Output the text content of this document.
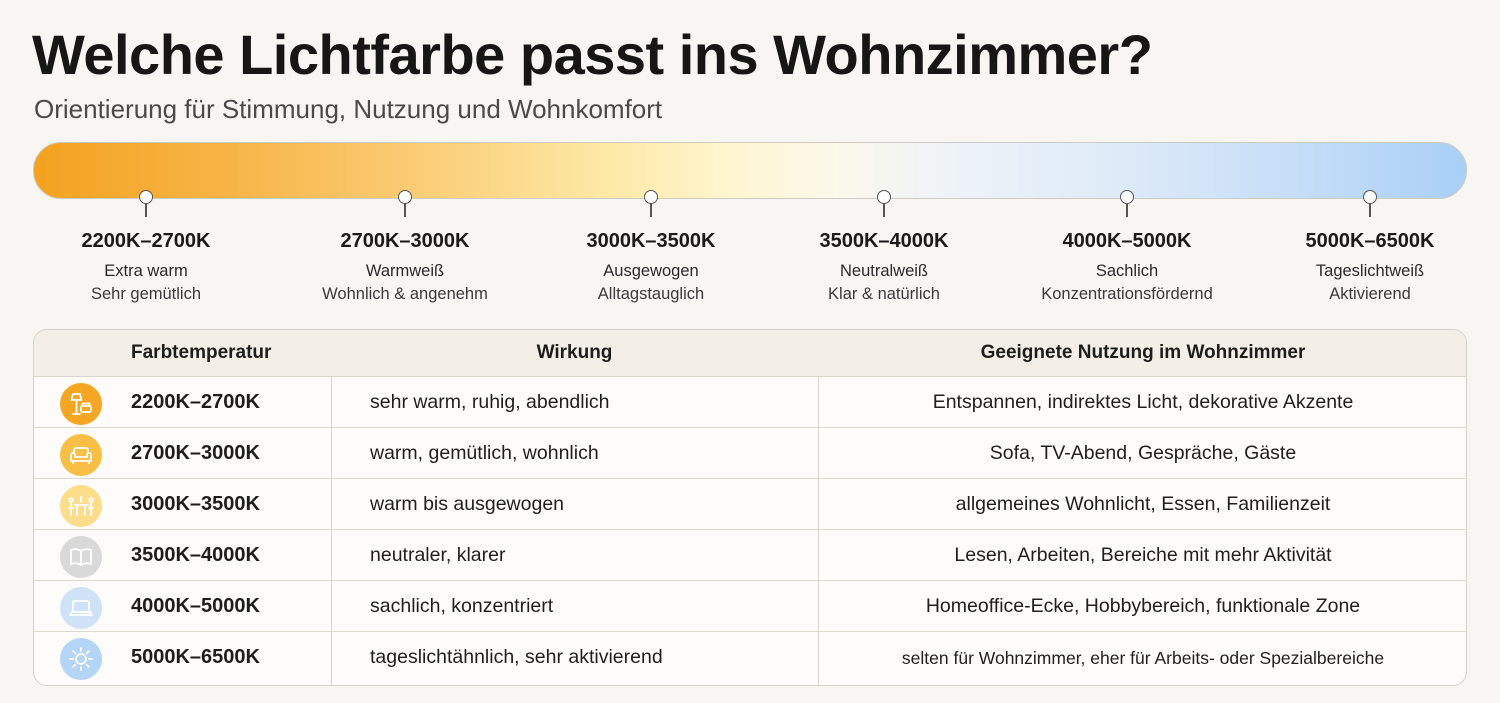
Welche Lichtfarbe passt ins Wohnzimmer?
Orientierung für Stimmung, Nutzung und Wohnkomfort
2200K–2700K
Extra warm
Sehr gemütlich
2700K–3000K
Warmweiß
Wohnlich & angenehm
3000K–3500K
Ausgewogen
Alltagstauglich
3500K–4000K
Neutralweiß
Klar & natürlich
4000K–5000K
Sachlich
Konzentrationsfördernd
5000K–6500K
Tageslichtweiß
Aktivierend
Farbtemperatur	Wirkung	Geeignete Nutzung im Wohnzimmer
2200K–2700K	sehr warm, ruhig, abendlich	Entspannen, indirektes Licht, dekorative Akzente
2700K–3000K	warm, gemütlich, wohnlich	Sofa, TV-Abend, Gespräche, Gäste
3000K–3500K	warm bis ausgewogen	allgemeines Wohnlicht, Essen, Familienzeit
3500K–4000K	neutraler, klarer	Lesen, Arbeiten, Bereiche mit mehr Aktivität
4000K–5000K	sachlich, konzentriert	Homeoffice-Ecke, Hobbybereich, funktionale Zone
5000K–6500K	tageslichtähnlich, sehr aktivierend	selten für Wohnzimmer, eher für Arbeits- oder Spezialbereiche
